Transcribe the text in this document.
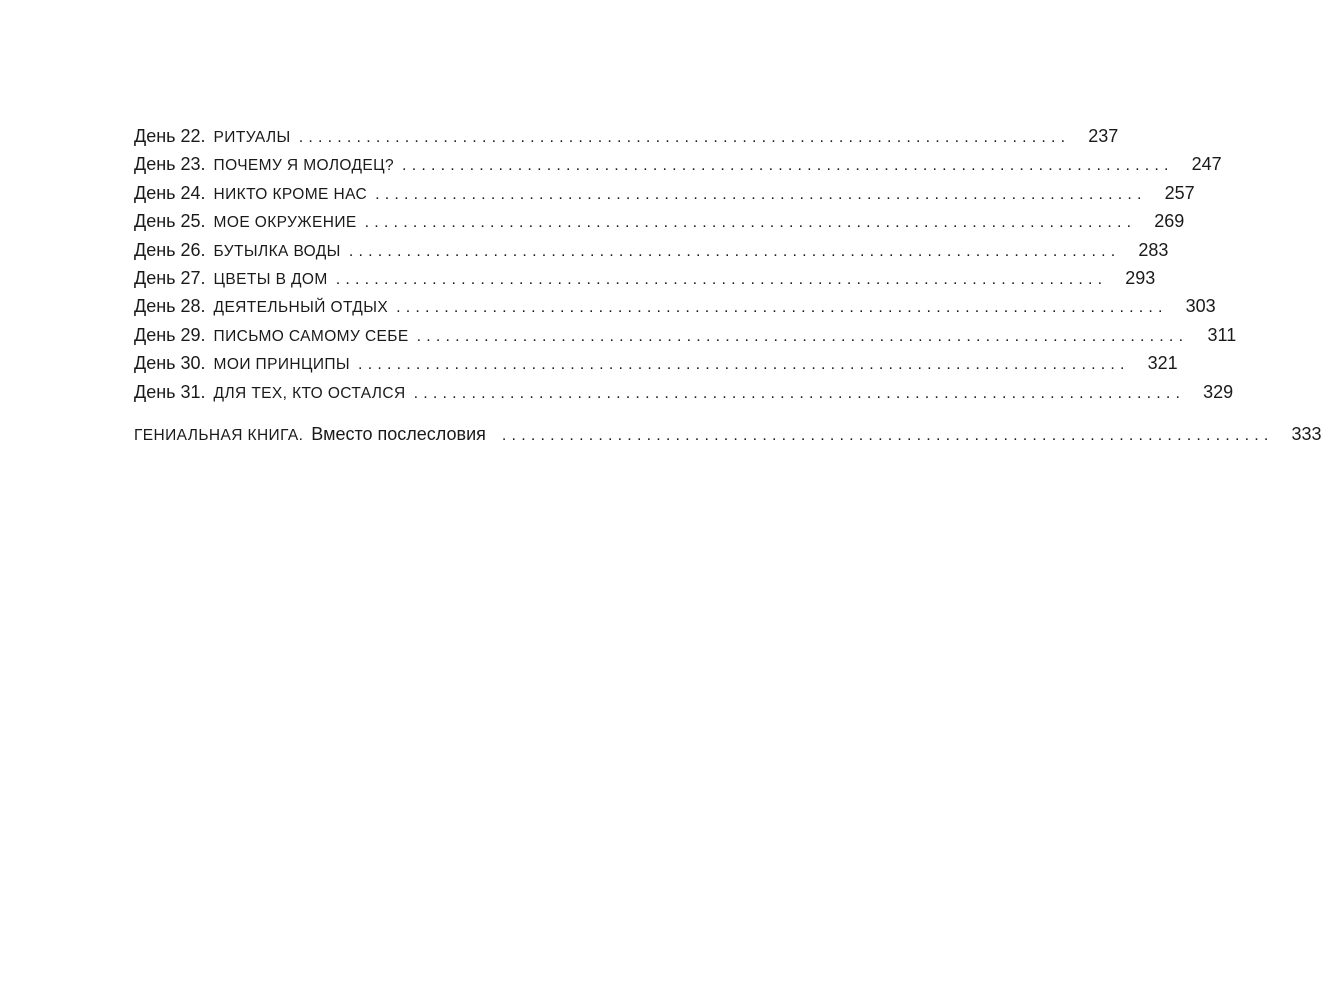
День 22. РИТУАЛЫ ................................................................................ 237
День 23. ПОЧЕМУ Я МОЛОДЕЦ? ................................................................................ 247
День 24. НИКТО КРОМЕ НАС ................................................................................ 257
День 25. МОЕ ОКРУЖЕНИЕ ................................................................................ 269
День 26. БУТЫЛКА ВОДЫ ................................................................................ 283
День 27. ЦВЕТЫ В ДОМ ................................................................................ 293
День 28. ДЕЯТЕЛЬНЫЙ ОТДЫХ ................................................................................ 303
День 29. ПИСЬМО САМОМУ СЕБЕ ................................................................................ 311
День 30. МОИ ПРИНЦИПЫ ................................................................................ 321
День 31. ДЛЯ ТЕХ, КТО ОСТАЛСЯ ................................................................................ 329
ГЕНИАЛЬНАЯ КНИГА. Вместо послесловия ................................................................................ 333
